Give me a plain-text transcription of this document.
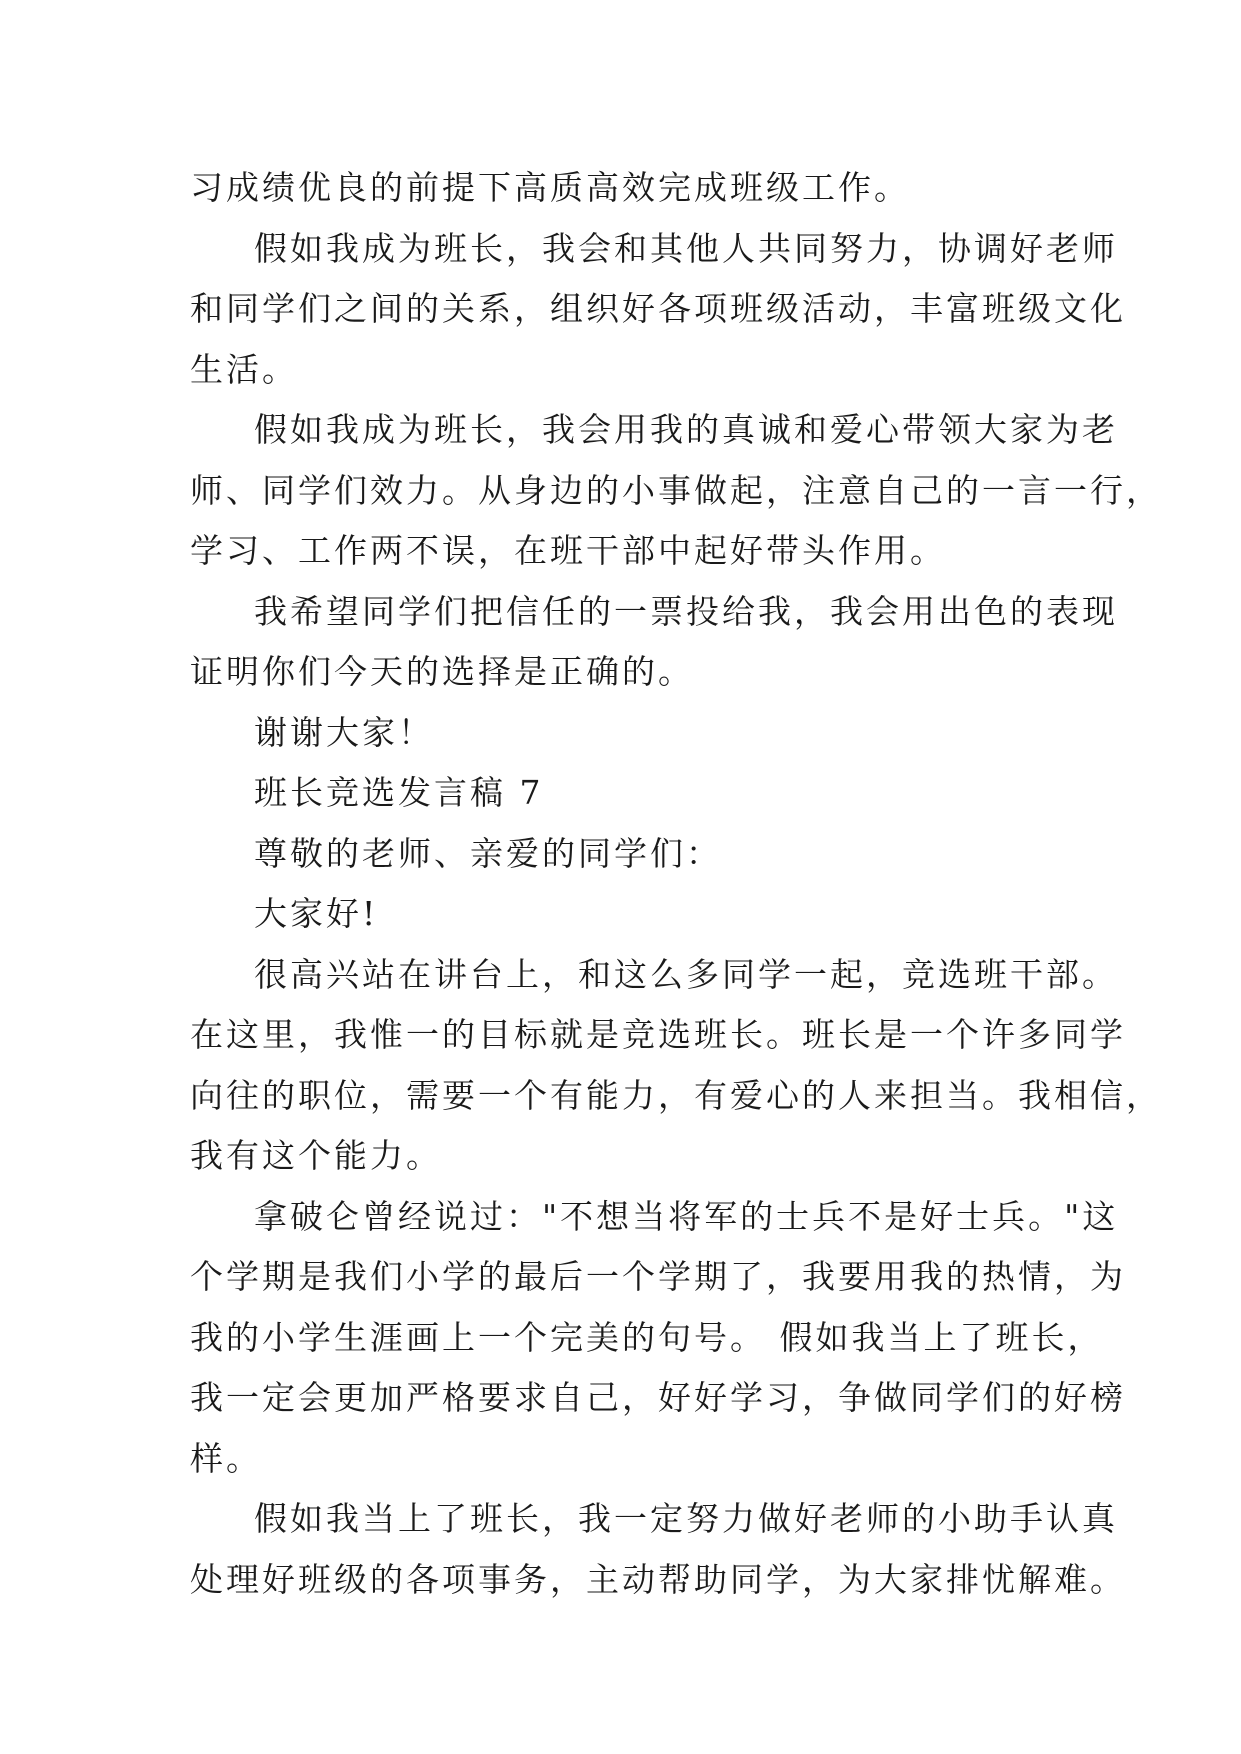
习成绩优良的前提下高质高效完成班级工作。
假如我成为班长，我会和其他人共同努力，协调好老师
和同学们之间的关系，组织好各项班级活动，丰富班级文化
生活。
假如我成为班长，我会用我的真诚和爱心带领大家为老
师、同学们效力。从身边的小事做起，注意自己的一言一行，
学习、工作两不误，在班干部中起好带头作用。
我希望同学们把信任的一票投给我，我会用出色的表现
证明你们今天的选择是正确的。
谢谢大家！
班长竞选发言稿 7
尊敬的老师、亲爱的同学们：
大家好!
很高兴站在讲台上，和这么多同学一起，竞选班干部。
在这里，我惟一的目标就是竞选班长。班长是一个许多同学
向往的职位，需要一个有能力，有爱心的人来担当。我相信，
我有这个能力。
拿破仑曾经说过："不想当将军的士兵不是好士兵。"这
个学期是我们小学的最后一个学期了，我要用我的热情，为
我的小学生涯画上一个完美的句号。 假如我当上了班长，
我一定会更加严格要求自己，好好学习，争做同学们的好榜
样。
假如我当上了班长，我一定努力做好老师的小助手认真
处理好班级的各项事务，主动帮助同学，为大家排忧解难。
